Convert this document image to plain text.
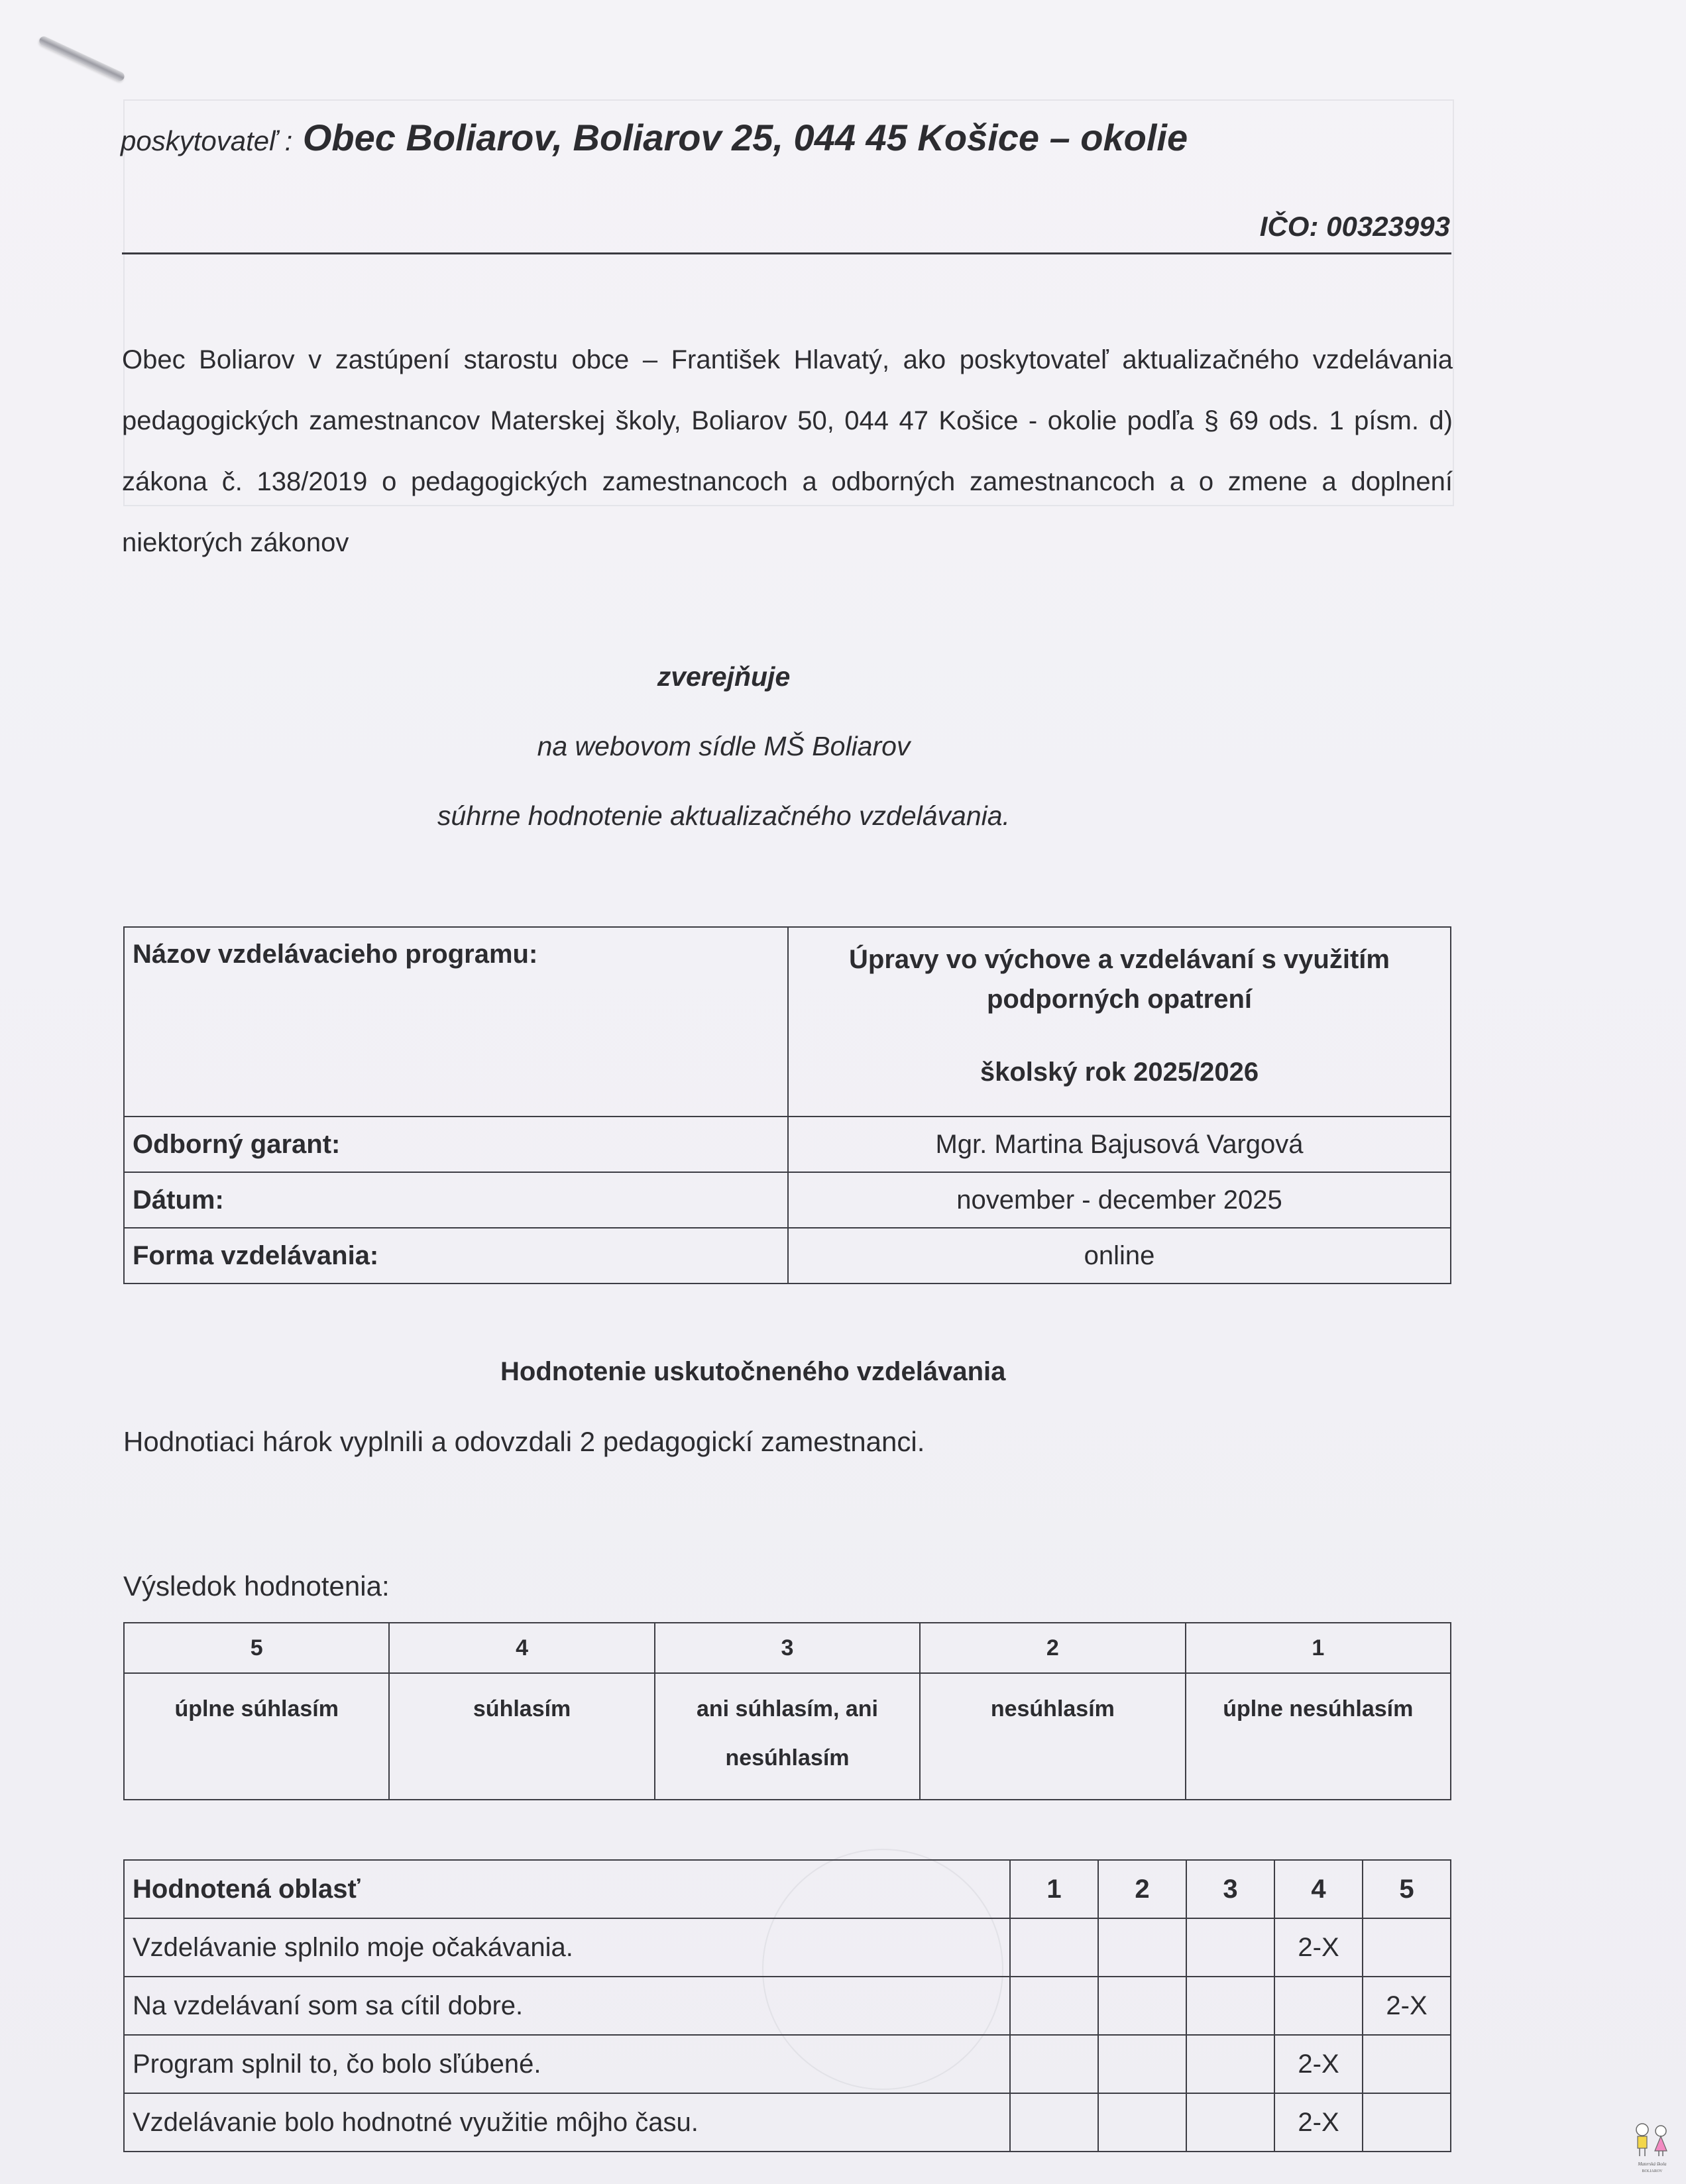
poskytovateľ : Obec Boliarov, Boliarov 25, 044 45 Košice – okolie
IČO: 00323993
Obec Boliarov v zastúpení starostu obce – František Hlavatý, ako poskytovateľ aktualizačného vzdelávania pedagogických zamestnancov Materskej školy, Boliarov 50, 044 47 Košice - okolie podľa § 69 ods. 1 písm. d) zákona č. 138/2019 o pedagogických zamestnancoch a odborných zamestnancoch a o zmene a doplnení niektorých zákonov
zverejňuje
na webovom sídle MŠ Boliarov
súhrne hodnotenie aktualizačného vzdelávania.
Názov vzdelávacieho programu:	Úpravy vo výchove a vzdelávaní s využitím podporných opatrení
školský rok 2025/2026

Odborný garant:	Mgr. Martina Bajusová Vargová
Dátum:	november - december 2025
Forma vzdelávania:	online
Hodnotenie uskutočneného vzdelávania
Hodnotiaci hárok vyplnili a odovzdali 2 pedagogickí zamestnanci.
Výsledok hodnotenia:
5	4	3	2	1
úplne súhlasím	súhlasím	ani súhlasím, ani nesúhlasím	nesúhlasím	úplne nesúhlasím
Hodnotená oblasť	1	2	3	4	5
Vzdelávanie splnilo moje očakávania.				2-X	
Na vzdelávaní som sa cítil dobre.					2-X
Program splnil to, čo bolo sľúbené.				2-X	
Vzdelávanie bolo hodnotné využitie môjho času.				2-X	
Materská škola
BOLIAROV
